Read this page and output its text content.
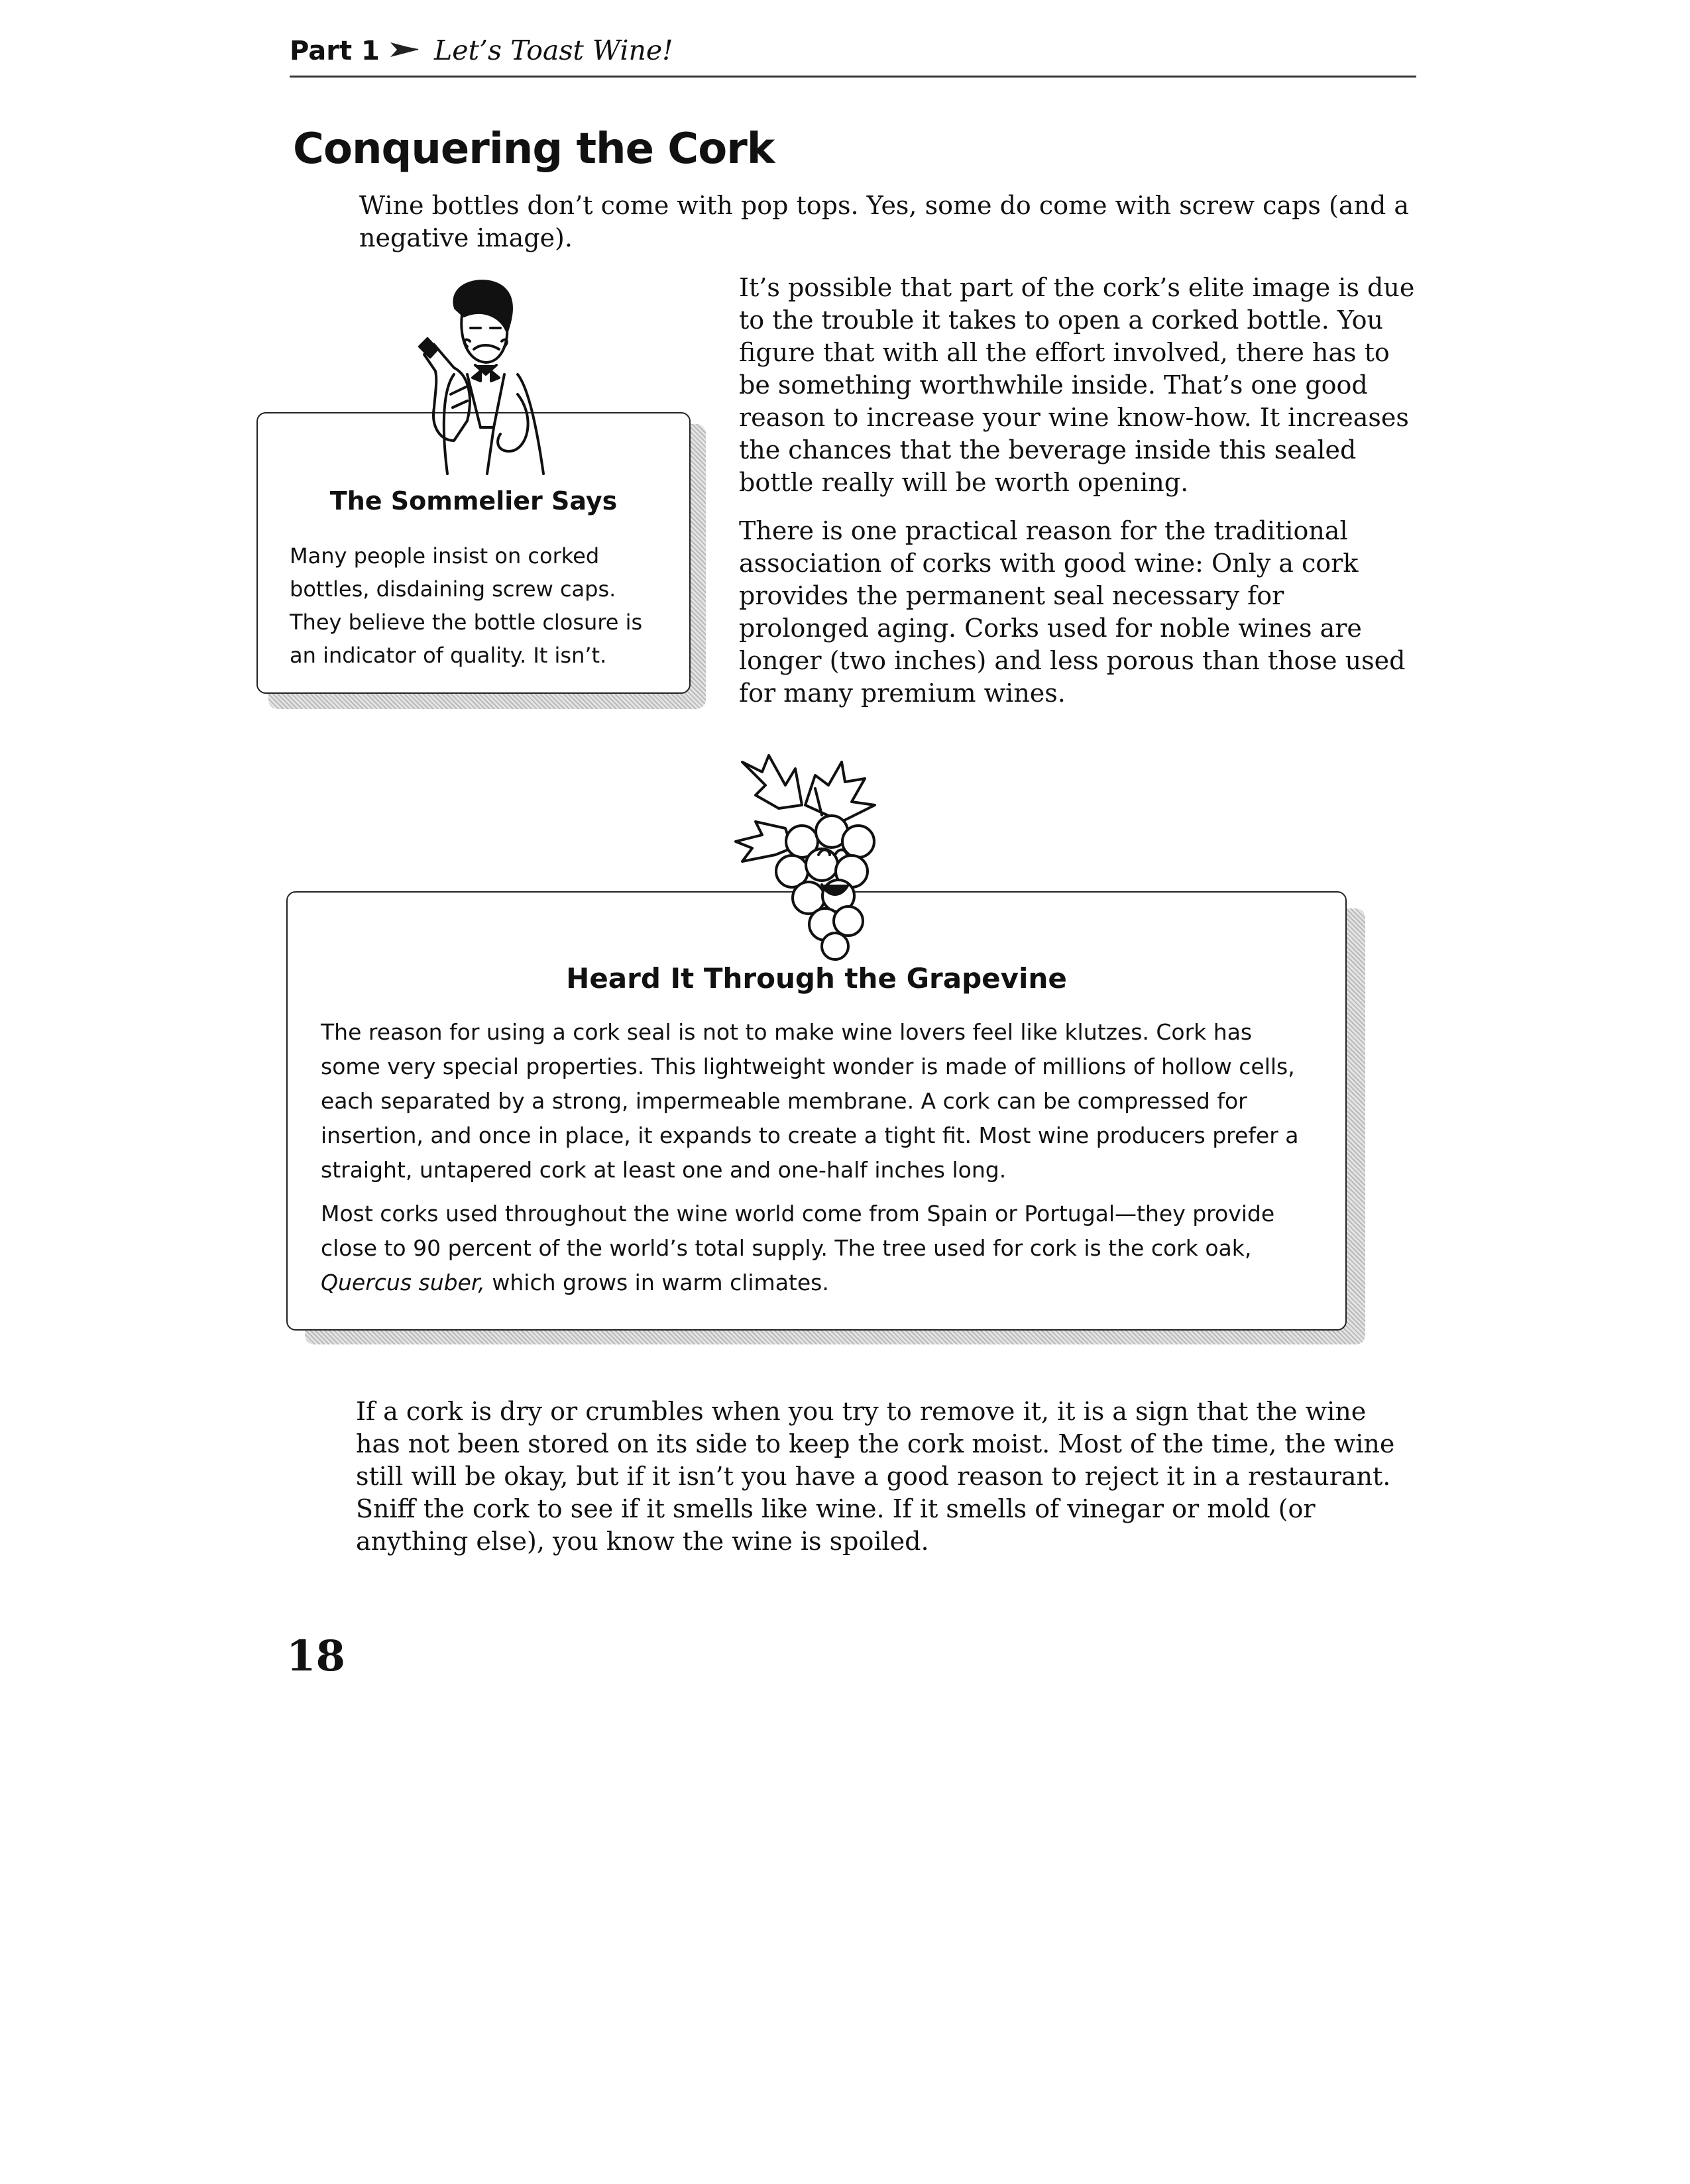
Part 1 Let’s Toast Wine!
Conquering the Cork
Wine bottles don’t come with pop tops. Yes, some do come with screw caps (and a negative image).
The Sommelier Says
Many people insist on corked bottles, disdaining screw caps. They believe the bottle closure is an indicator of quality. It isn’t.

It’s possible that part of the cork’s elite image is due to the trouble it takes to open a corked bottle. You figure that with all the effort involved, there has to be something worthwhile inside. That’s one good reason to increase your wine know-how. It increases the chances that the beverage inside this sealed bottle really will be worth opening.

There is one practical reason for the traditional association of corks with good wine: Only a cork provides the permanent seal necessary for prolonged aging. Corks used for noble wines are longer (two inches) and less porous than those used for many premium wines.

Heard It Through the Grapevine

The reason for using a cork seal is not to make wine lovers feel like klutzes. Cork has some very special properties. This lightweight wonder is made of millions of hollow cells, each separated by a strong, impermeable membrane. A cork can be compressed for insertion, and once in place, it expands to create a tight fit. Most wine producers prefer a straight, untapered cork at least one and one-half inches long.

Most corks used throughout the wine world come from Spain or Portugal—they provide close to 90 percent of the world’s total supply. The tree used for cork is the cork oak, Quercus suber, which grows in warm climates.

If a cork is dry or crumbles when you try to remove it, it is a sign that the wine has not been stored on its side to keep the cork moist. Most of the time, the wine still will be okay, but if it isn’t you have a good reason to reject it in a restaurant. Sniff the cork to see if it smells like wine. If it smells of vinegar or mold (or anything else), you know the wine is spoiled.
18
